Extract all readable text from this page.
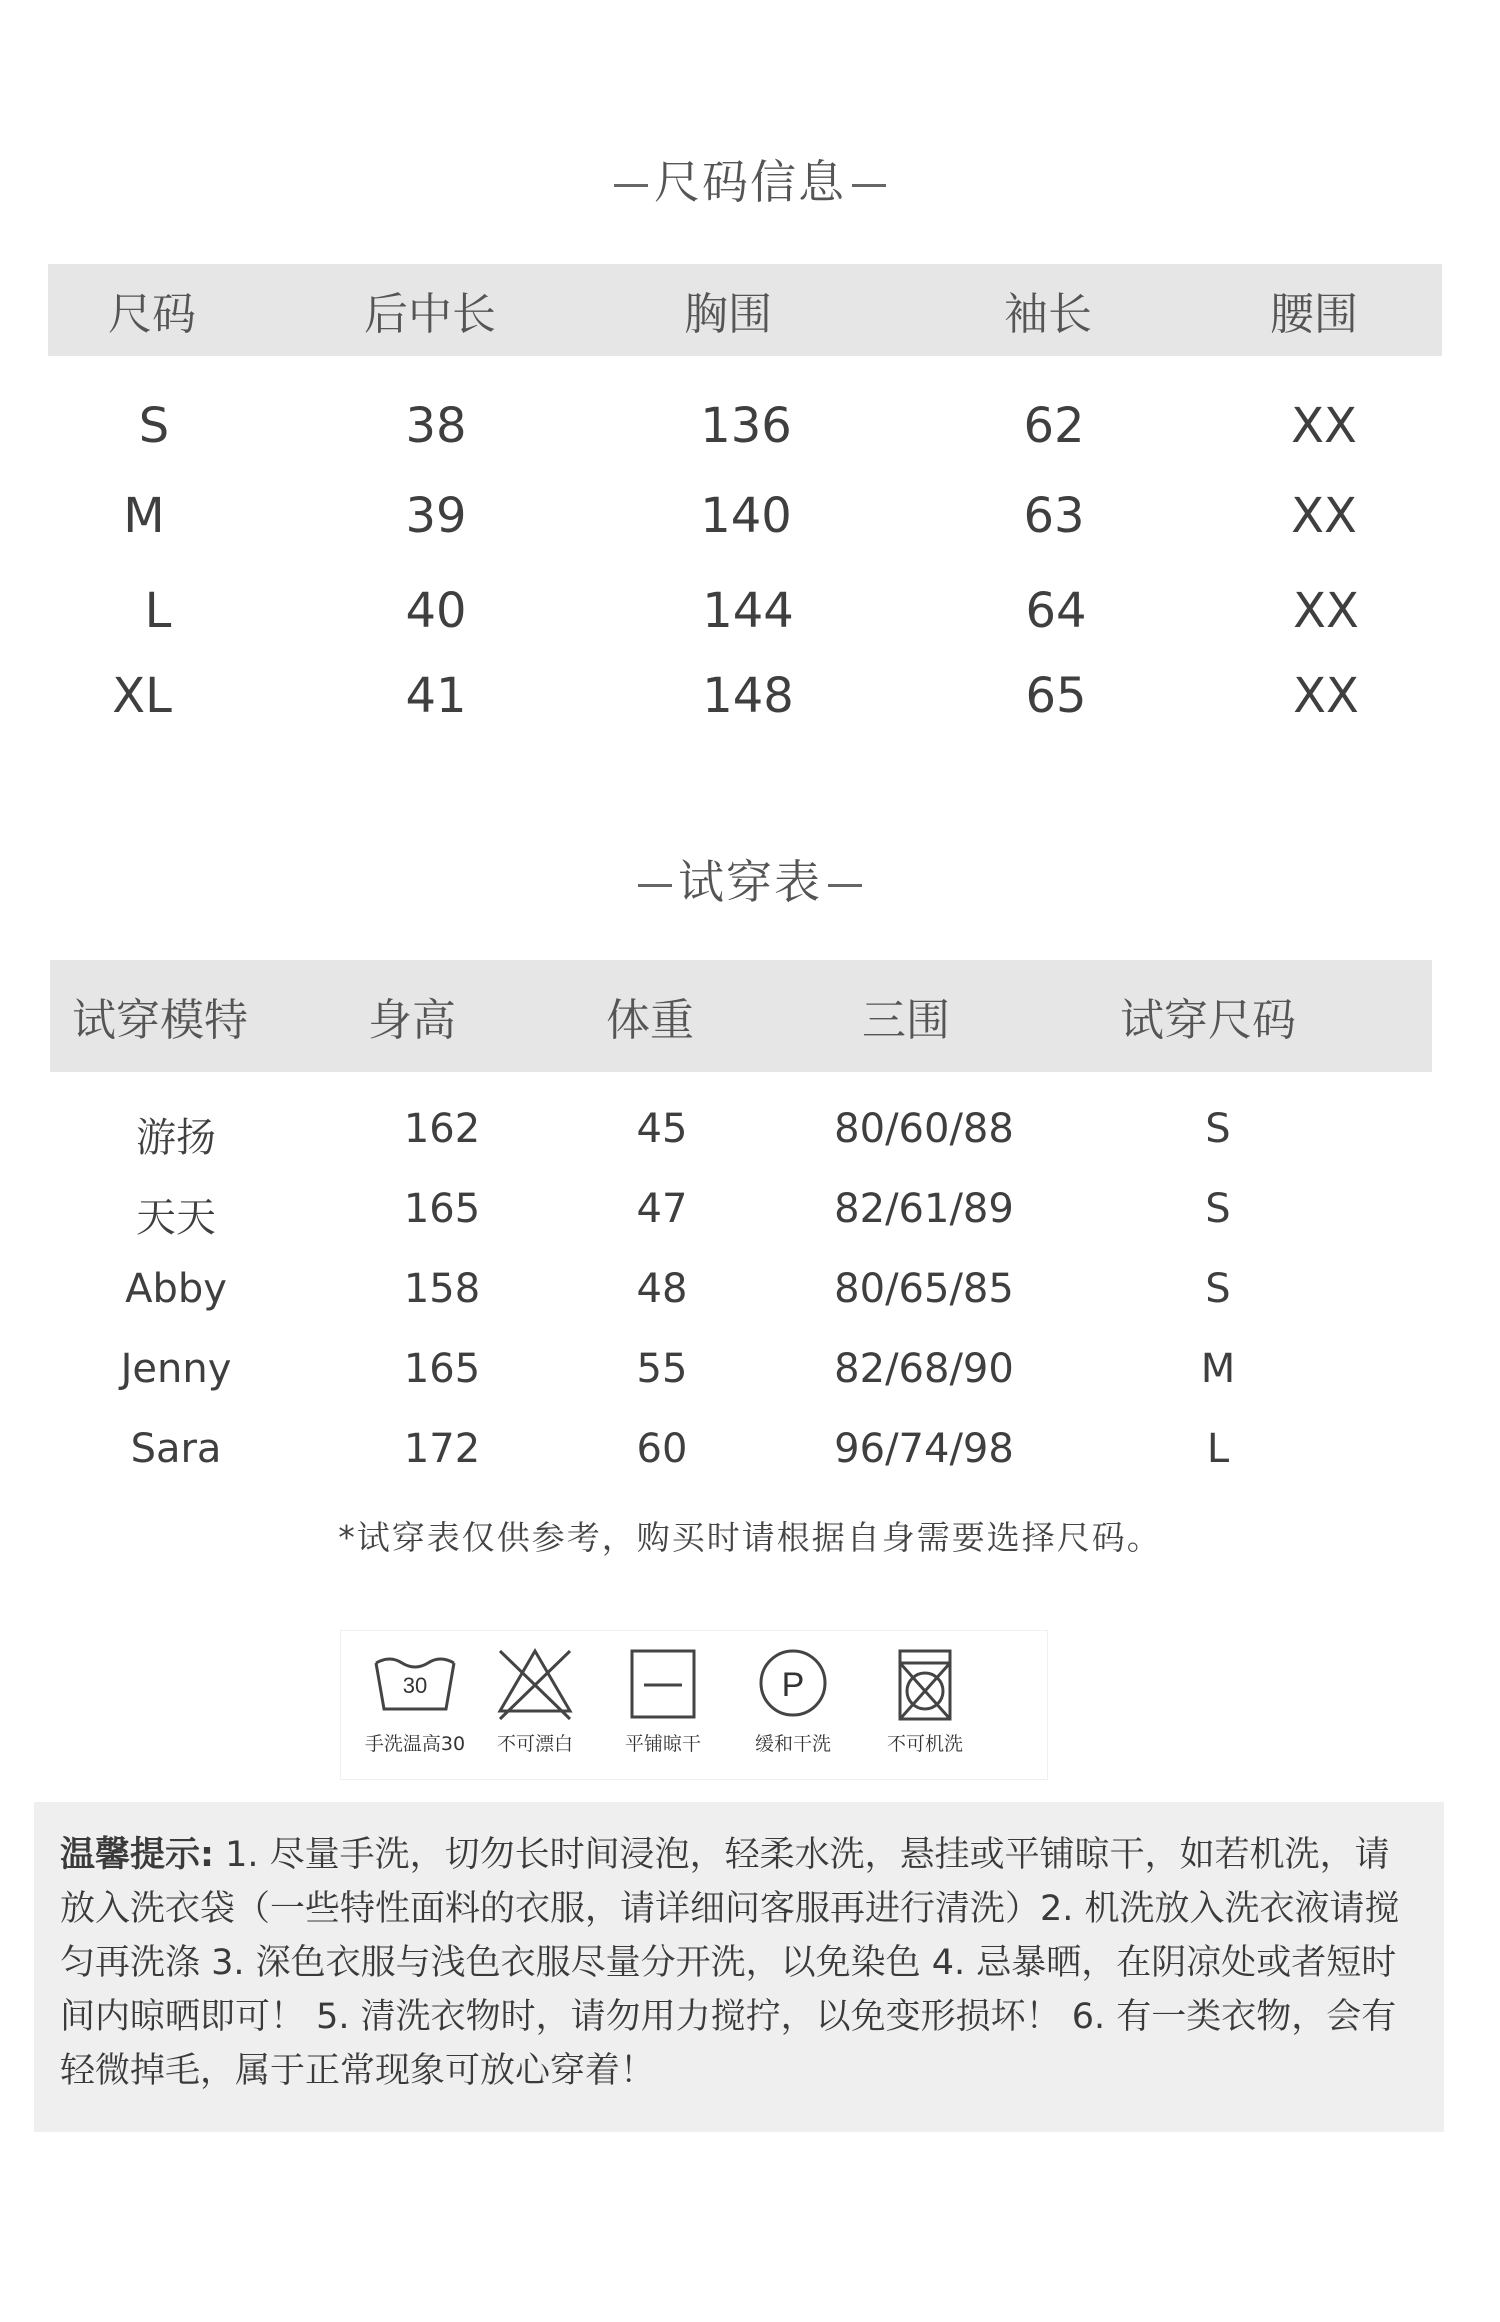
尺码信息
尺码	后中长	胸围	袖长	腰围
S	38	136	62	XX
M	39	140	63	XX
L	40	144	64	XX
XL	41	148	65	XX
试穿表
试穿模特	身高	体重	三围	试穿尺码
游扬	162	45	80/60/88	S
天天	165	47	82/61/89	S
Abby	158	48	80/65/85	S
Jenny	165	55	82/68/90	M
Sara	172	60	96/74/98	L
*试穿表仅供参考，购买时请根据自身需要选择尺码。
30
手洗温高30	不可漂白	平铺晾干
P
缓和干洗	不可机洗
温馨提示: 1. 尽量手洗，切勿长时间浸泡，轻柔水洗，悬挂或平铺晾干，如若机洗，请放入洗衣袋（一些特性面料的衣服，请详细问客服再进行清洗）2. 机洗放入洗衣液请搅匀再洗涤 3. 深色衣服与浅色衣服尽量分开洗，以免染色 4. 忌暴晒，在阴凉处或者短时间内晾晒即可！ 5. 清洗衣物时，请勿用力搅拧，以免变形损坏！ 6. 有一类衣物，会有轻微掉毛，属于正常现象可放心穿着！
